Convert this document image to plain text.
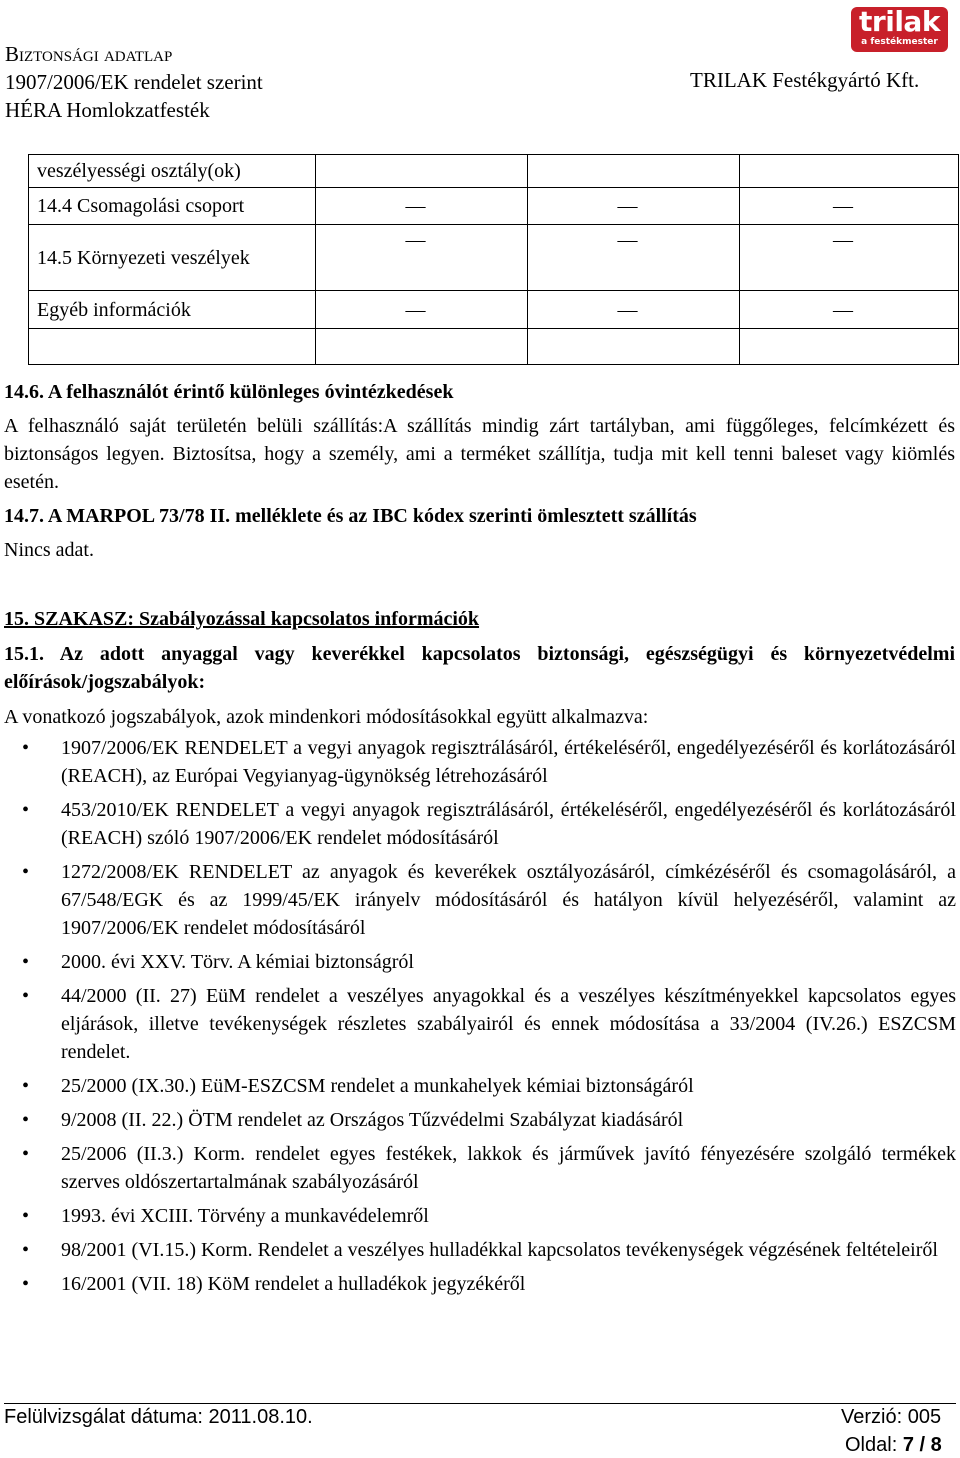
Biztonsági adatlap
1907/2006/EK rendelet szerint
HÉRA Homlokzatfesték
TRILAK Festékgyártó Kft.
trilak
a festékmester
veszélyességi osztály(ok)			
14.4 Csomagolási csoport	—	—	—
14.5 Környezeti veszélyek	—	—	—
Egyéb információk	—	—	—

14.6. A felhasználót érintő különleges óvintézkedések
A felhasználó saját területén belüli szállítás:A szállítás mindig zárt tartályban, ami függőleges, felcímkézett és biztonságos legyen. Biztosítsa, hogy a személy, ami a terméket szállítja, tudja mit kell tenni baleset vagy kiömlés esetén.
14.7. A MARPOL 73/78 II. melléklete és az IBC kódex szerinti ömlesztett szállítás
Nincs adat.
15. SZAKASZ: Szabályozással kapcsolatos információk
15.1. Az adott anyaggal vagy keverékkel kapcsolatos biztonsági, egészségügyi és környezetvédelmi előírások/jogszabályok:
A vonatkozó jogszabályok, azok mindenkori módosításokkal együtt alkalmazva:
• 1907/2006/EK RENDELET a vegyi anyagok regisztrálásáról, értékeléséről, engedélyezéséről és korlátozásáról (REACH), az Európai Vegyianyag-ügynökség létrehozásáról
• 453/2010/EK RENDELET a vegyi anyagok regisztrálásáról, értékeléséről, engedélyezéséről és korlátozásáról (REACH) szóló 1907/2006/EK rendelet módosításáról
• 1272/2008/EK RENDELET az anyagok és keverékek osztályozásáról, címkézéséről és csomagolásáról, a 67/548/EGK és az 1999/45/EK irányelv módosításáról és hatályon kívül helyezéséről, valamint az 1907/2006/EK rendelet módosításáról
• 2000. évi XXV. Törv. A kémiai biztonságról
• 44/2000 (II. 27) EüM rendelet a veszélyes anyagokkal és a veszélyes készítményekkel kapcsolatos egyes eljárások, illetve tevékenységek részletes szabályairól és ennek módosítása a 33/2004 (IV.26.) ESZCSM rendelet.
• 25/2000 (IX.30.) EüM-ESZCSM rendelet a munkahelyek kémiai biztonságáról
• 9/2008 (II. 22.) ÖTM rendelet az Országos Tűzvédelmi Szabályzat kiadásáról
• 25/2006 (II.3.) Korm. rendelet egyes festékek, lakkok és járművek javító fényezésére szolgáló termékek szerves oldószertartalmának szabályozásáról
• 1993. évi XCIII. Törvény a munkavédelemről
• 98/2001 (VI.15.) Korm. Rendelet a veszélyes hulladékkal kapcsolatos tevékenységek végzésének feltételeiről
• 16/2001 (VII. 18) KöM rendelet a hulladékok jegyzékéről
Felülvizsgálat dátuma: 2011.08.10.	Verzió: 005
Oldal: 7 / 8
